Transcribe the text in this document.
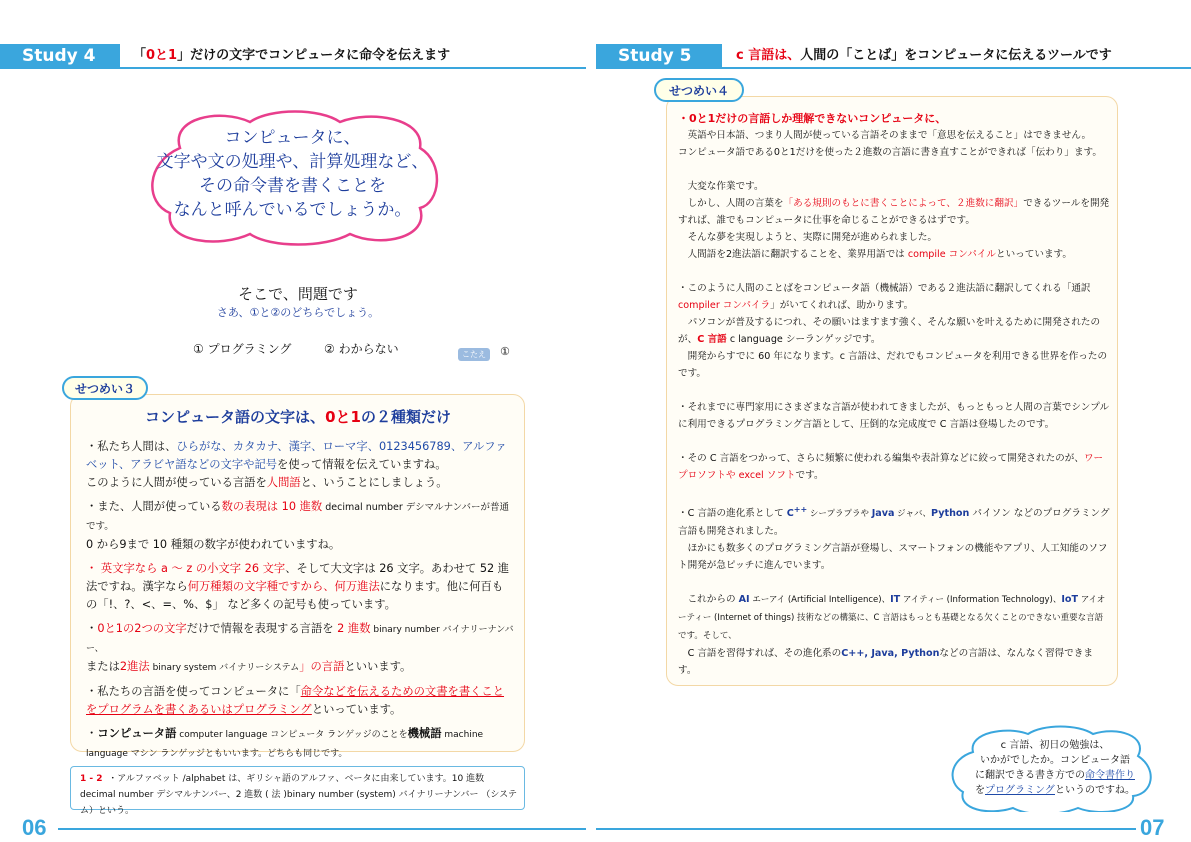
Study 4	「0と1」だけの文字でコンピュータに命令を伝えます	Study 5	c 言語は、人間の「ことば」をコンピュータに伝えるツールです
コンピュータに、
文字や文の処理や、計算処理など、
その命令書を書くことを
なんと呼んでいるでしょうか。
そこで、問題です
さあ、①と②のどちらでしょう。
① プログラミング	② わからない	こたえ	①
せつめい３
コンピュータ語の文字は、0と1の２種類だけ

・私たち人間は、ひらがな、カタカナ、漢字、ローマ字、0123456789、アルファベット、アラビヤ語などの文字や記号を使って情報を伝えていますね。
このように人間が使っている言語を人間語と、いうことにしましょう。

・また、人間が使っている数の表現は 10 進数 decimal number デシマルナンバーが普通です。
0 から9まで 10 種類の数字が使われていますね。

・ 英文字なら a ～ z の小文字 26 文字、そして大文字は 26 文字。あわせて 52 進法ですね。漢字なら何万種類の文字種ですから、何万進法になります。他に何百もの「!、?、<、=、%、$」 など多くの記号も使っています。

・0と1の2つの文字だけで情報を表現する言語を 2 進数 binary number バイナリーナンバー、
または2進法 binary system バイナリーシステム」の言語といいます。

・私たちの言語を使ってコンピュータに「命令などを伝えるための文書を書くことをプログラムを書くあるいはプログラミングといっています。

・コンピュータ語 computer language コンピュータ ランゲッジのことを機械語 machine language マシン ランゲッジともいいます。どちらも同じです。

1 - 2 ・アルファベット /alphabet は、ギリシャ語のアルファ、ベータに由来しています。10 進数 decimal number デシマルナンバー、2 進数 ( 法 )binary number (system) バイナリーナンバー （システム）という。
06
せつめい４

・0と1だけの言語しか理解できないコンピュータに、

　英語や日本語、つまり人間が使っている言語そのままで「意思を伝えること」はできません。

コンピュータ語である0と1だけを使った２進数の言語に書き直すことができれば「伝わり」ます。

　大変な作業です。

　しかし、人間の言葉を「ある規則のもとに書くことによって、２進数に翻訳」できるツールを開発すれば、誰でもコンピュータに仕事を命じることができるはずです。

　そんな夢を実現しようと、実際に開発が進められました。

　人間語を2進法語に翻訳することを、業界用語では compile コンパイルといっています。

・このように人間のことばをコンピュータ語（機械語）である２進法語に翻訳してくれる「通訳 compiler コンパイラ」がいてくれれば、助かります。

　パソコンが普及するにつれ、その願いはますます強く、そんな願いを叶えるために開発されたのが、C 言語 c language シーランゲッジです。

　開発からすでに 60 年になります。c 言語は、だれでもコンピュータを利用できる世界を作ったのです。

・それまでに専門家用にさまざまな言語が使われてきましたが、もっともっと人間の言葉でシンプルに利用できるプログラミング言語として、圧倒的な完成度で C 言語は登場したのです。

・その C 言語をつかって、さらに頻繁に使われる編集や表計算などに絞って開発されたのが、ワープロソフトや excel ソフトです。

・C 言語の進化系として C++ シープラプラや Java ジャバ、Python パイソン などのプログラミング言語も開発されました。

　ほかにも数多くのプログラミング言語が登場し、スマートフォンの機能やアプリ、人工知能のソフト開発が急ピッチに進んでいます。

　これからの AI エーアイ (Artificial Intelligence)、IT アイティー (Information Technology)、IoT アイオーティー (Internet of things) 技術などの構築に、C 言語はもっとも基礎となる欠くことのできない重要な言語です。そして、

　C 言語を習得すれば、その進化系のC++, Java, Pythonなどの言語は、なんなく習得できます。

c 言語、初日の勉強は、
いかがでしたか。コンピュータ語
に翻訳できる書き方での命令書作り
をプログラミングというのですね。
07
